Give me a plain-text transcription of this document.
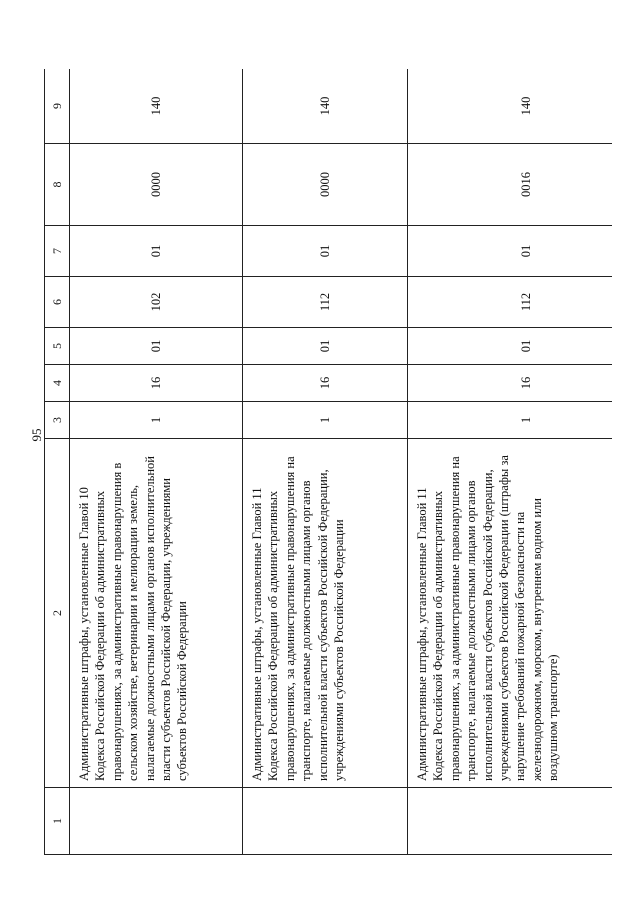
95
1	2	3	4	5	6	7	8	9
	Административные штрафы, установленные Главой 10 Кодекса Российской Федерации об административных правонарушениях, за административные правонарушения в сельском хозяйстве, ветеринарии и мелиорации земель, налагаемые должностными лицами органов исполнительной власти субъектов Российской Федерации, учреждениями субъектов Российской Федерации	1	16	01	102	01	0000	140
	Административные штрафы, установленные Главой 11 Кодекса Российской Федерации об административных правонарушениях, за административные правонарушения на транспорте, налагаемые должностными лицами органов исполнительной власти субъектов Российской Федерации, учреждениями субъектов Российской Федерации	1	16	01	112	01	0000	140
	Административные штрафы, установленные Главой 11 Кодекса Российской Федерации об административных правонарушениях, за административные правонарушения на транспорте, налагаемые должностными лицами органов исполнительной власти субъектов Российской Федерации, учреждениями субъектов Российской Федерации (штрафы за нарушение требований пожарной безопасности на железнодорожном, морском, внутреннем водном или воздушном транспорте)	1	16	01	112	01	0016	140
